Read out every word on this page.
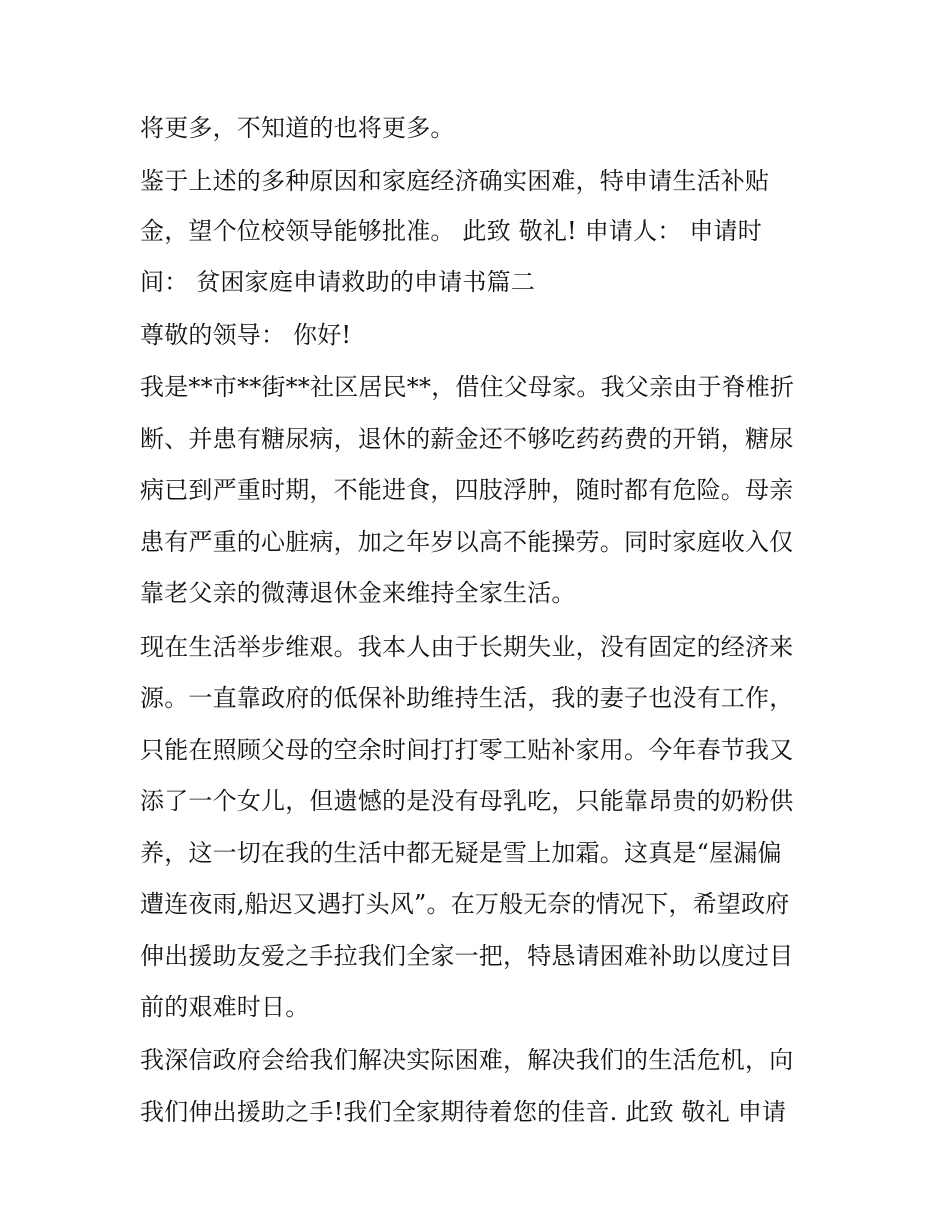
将更多，不知道的也将更多。
鉴于上述的多种原因和家庭经济确实困难，特申请生活补贴
金，望个位校领导能够批准。 此致 敬礼! 申请人： 申请时
间： 贫困家庭申请救助的申请书篇二
尊敬的领导： 你好!
我是**市**街**社区居民**，借住父母家。我父亲由于脊椎折
断、并患有糖尿病，退休的薪金还不够吃药药费的开销，糖尿
病已到严重时期，不能进食，四肢浮肿，随时都有危险。母亲
患有严重的心脏病，加之年岁以高不能操劳。同时家庭收入仅
靠老父亲的微薄退休金来维持全家生活。
现在生活举步维艰。我本人由于长期失业，没有固定的经济来
源。一直靠政府的低保补助维持生活，我的妻子也没有工作，
只能在照顾父母的空余时间打打零工贴补家用。今年春节我又
添了一个女儿，但遗憾的是没有母乳吃，只能靠昂贵的奶粉供
养，这一切在我的生活中都无疑是雪上加霜。这真是“屋漏偏
遭连夜雨,船迟又遇打头风”。在万般无奈的情况下，希望政府
伸出援助友爱之手拉我们全家一把，特恳请困难补助以度过目
前的艰难时日。
我深信政府会给我们解决实际困难，解决我们的生活危机，向
我们伸出援助之手!我们全家期待着您的佳音. 此致 敬礼 申请
